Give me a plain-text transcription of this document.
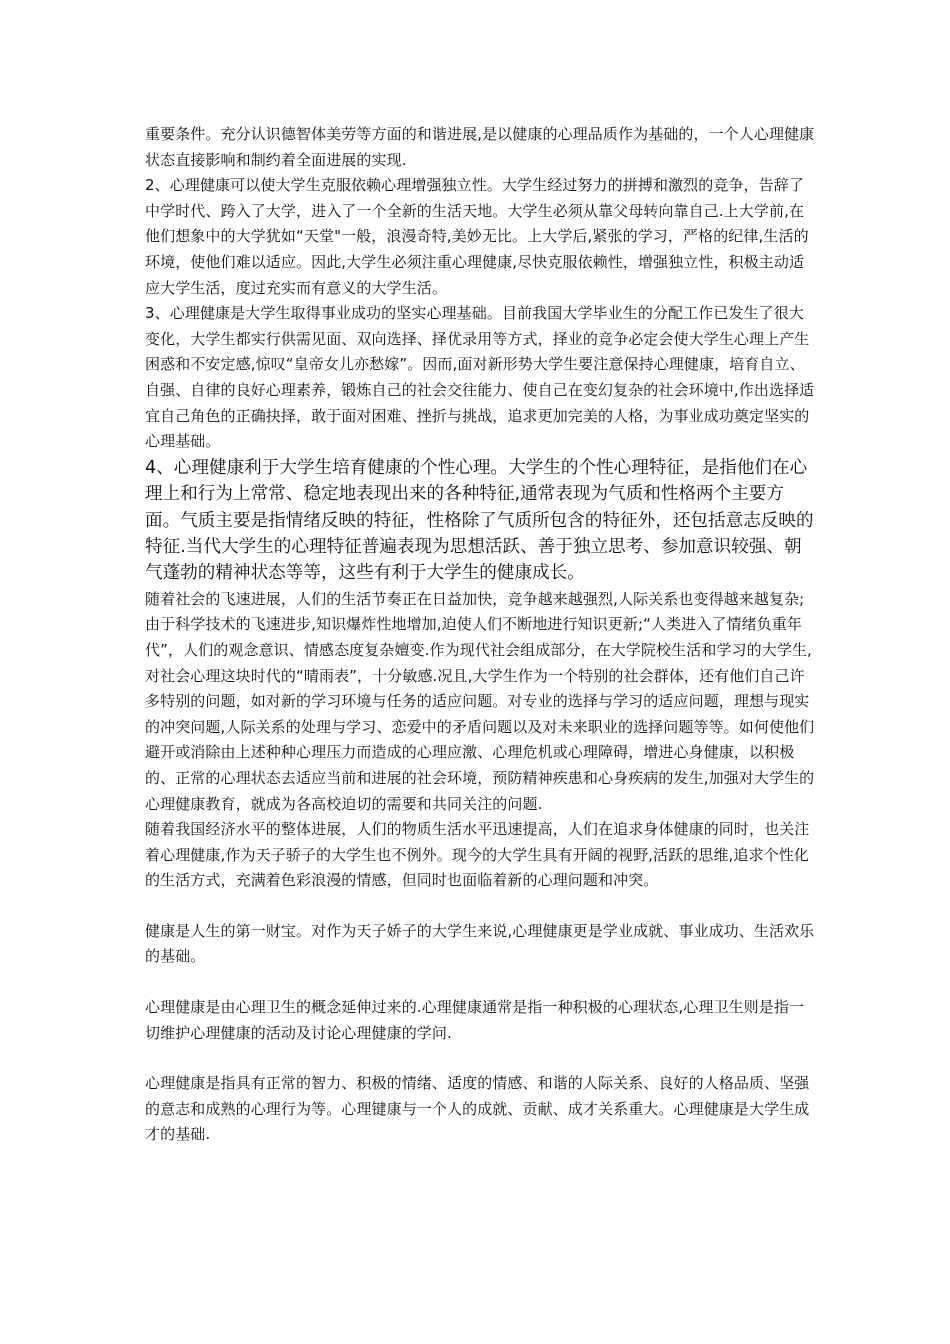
重要条件。充分认识德智体美劳等方面的和谐进展,是以健康的心理品质作为基础的，一个人心理健康状态直接影响和制约着全面进展的实现.

2、心理健康可以使大学生克服依赖心理增强独立性。大学生经过努力的拼搏和激烈的竞争，告辞了中学时代、跨入了大学，进入了一个全新的生活天地。大学生必须从靠父母转向靠自己.上大学前,在他们想象中的大学犹如“天堂"一般，浪漫奇特,美妙无比。上大学后,紧张的学习，严格的纪律,生活的环境，使他们难以适应。因此,大学生必须注重心理健康,尽快克服依赖性，增强独立性，积极主动适应大学生活，度过充实而有意义的大学生活。

3、心理健康是大学生取得事业成功的坚实心理基础。目前我国大学毕业生的分配工作已发生了很大变化，大学生都实行供需见面、双向选择、择优录用等方式，择业的竞争必定会使大学生心理上产生困惑和不安定感,惊叹“皇帝女儿亦愁嫁”。因而,面对新形势大学生要注意保持心理健康，培育自立、自强、自律的良好心理素养，锻炼自己的社会交往能力、使自己在变幻复杂的社会环境中,作出选择适宜自己角色的正确抉择，敢于面对困难、挫折与挑战，追求更加完美的人格，为事业成功奠定坚实的心理基础。

4、心理健康利于大学生培育健康的个性心理。大学生的个性心理特征，是指他们在心理上和行为上常常、稳定地表现出来的各种特征,通常表现为气质和性格两个主要方面。气质主要是指情绪反映的特征，性格除了气质所包含的特征外，还包括意志反映的特征.当代大学生的心理特征普遍表现为思想活跃、善于独立思考、参加意识较强、朝气蓬勃的精神状态等等，这些有利于大学生的健康成长。

随着社会的飞速进展，人们的生活节奏正在日益加快，竞争越来越强烈,人际关系也变得越来越复杂;由于科学技术的飞速进步,知识爆炸性地增加,迫使人们不断地进行知识更新;“人类进入了情绪负重年代”，人们的观念意识、情感态度复杂嬗变.作为现代社会组成部分，在大学院校生活和学习的大学生,对社会心理这块时代的“晴雨表”，十分敏感.况且,大学生作为一个特别的社会群体，还有他们自己许多特别的问题，如对新的学习环境与任务的适应问题。对专业的选择与学习的适应问题，理想与现实的冲突问题,人际关系的处理与学习、恋爱中的矛盾问题以及对未来职业的选择问题等等。如何使他们避开或消除由上述种种心理压力而造成的心理应激、心理危机或心理障碍，增进心身健康，以积极的、正常的心理状态去适应当前和进展的社会环境，预防精神疾患和心身疾病的发生,加强对大学生的心理健康教育，就成为各高校迫切的需要和共同关注的问题.

随着我国经济水平的整体进展，人们的物质生活水平迅速提高，人们在追求身体健康的同时，也关注着心理健康,作为天子骄子的大学生也不例外。现今的大学生具有开阔的视野,活跃的思维,追求个性化的生活方式，充满着色彩浪漫的情感，但同时也面临着新的心理问题和冲突。

健康是人生的第一财宝。对作为天子娇子的大学生来说,心理健康更是学业成就、事业成功、生活欢乐的基础。

心理健康是由心理卫生的概念延伸过来的.心理健康通常是指一种积极的心理状态,心理卫生则是指一切维护心理健康的活动及讨论心理健康的学问.

心理健康是指具有正常的智力、积极的情绪、适度的情感、和谐的人际关系、良好的人格品质、坚强的意志和成熟的心理行为等。心理键康与一个人的成就、贡献、成才关系重大。心理健康是大学生成才的基础.
